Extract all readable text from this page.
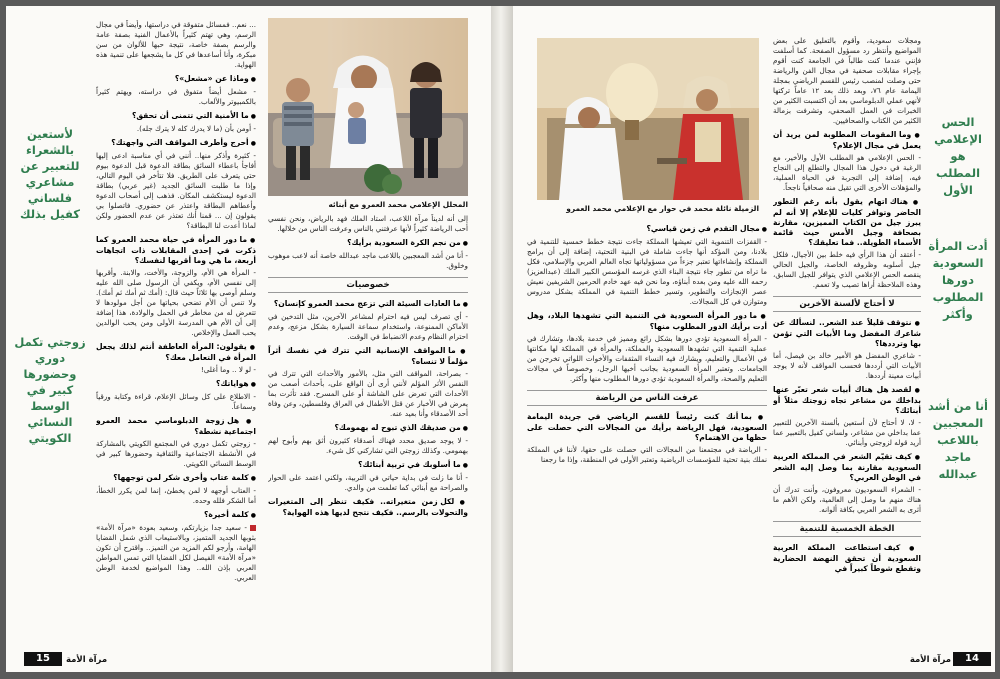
المحلل الإعلامي محمد العمرو مع أبنائه

... نعم.. فمسائل متفوقة في دراستها، وأيضاً في مجال الرسم، وهي تهتم كثيراً بالأعمال الفنية بصفة عامة والرسم بصفة خاصة، نتيجة حبها للألوان من سن مبكرة، وأنا أساعدها في كل ما يشجعها على تنمية هذه الهواية.

● وماذا عن «مشعل»؟

- مشعل أيضاً متفوق في دراسته، ويهتم كثيراً بالكمبيوتر والألعاب.

● ما الأمنية التي تتمنى أن تحقق؟

- أومن بأن (ما لا يدرك كله لا يترك جله).

● أحرج وأطرف المواقف التي واجهتك؟

- كثيرة وأذكر منها.. أنني في أي مناسبة ادعى إليها أفاجأ باعطاء السائق بطاقة الدعوة قبل الدعوة بيوم حتى يتعرف على الطريق. فلا تتأخر في اليوم التالي، وإذا ما طلبت السائق الجديد (غير عربي) بطاقة الدعوة ليستكشف المكان. فذهب إلى أصحاب الدعوة وأعطاهم البطاقة واعتذر عن حضوري. فاتصلوا بي يقولون إن ... قمنا أنك تعتذر عن عدم الحضور ولكن لماذا أعدت لنا البطاقة؟

● ما دور المرأة في حياة محمد العمرو كما ذكرت في إحدى المقابلات ذات اتجاهات أربعة، ما هي وما أقربها لنفسك؟

- المرأة هي الأم، والزوجة، والأخت، والابنة. وأقربها إلى نفسي الأم، ويكفي أن الرسول صلى الله عليه وسلم أوصى بها ثلاثاً حيث قال: (أمك ثم أمك ثم أمك). ولا تنس أن الأم تضحي بحياتها من أجل مولودها لا تتعرض له من مخاطر في الحمل والولادة، هذا إضافة إلى أن الأم هي المدرسة الأولى ومن يحب الوالدين يحب العمل والإخلاص.

● يقولون: المرأة العاطفة أنتم لذلك يجعل المرأة في التعامل معك؟

- لو لا .. وما أغلى!

● هواياتك؟

- الاطلاع على كل وسائل الإعلام، قراءة وكتابة ورقياً وسماعاً.

● هل زوجة الدبلوماسي محمد العمرو اجتماعية نشطة؟

- زوجتي تكمل دوري في المجتمع الكويتي بالمشاركة في الأنشطة الاجتماعية والثقافية وحضورها كبير في الوسط النسائي الكويتي.

● كلمة عتاب وأخرى شكر لمن توجهها؟

- العتاب أوجهه لا لمن يخطئ، إنما لمن يكرر الخطأ، أما الشكر فلله وحده.

● كلمة أخيرة؟

- سعيد جدا بزيارتكم، وسعيد بعودة «مرآة الأمة» بثوبها الجديد المتميز، وبالاستيعاب الذي شمل القضايا الهامة، وأرجو لكم المزيد من التميز.. واقترح أن تكون «مرآة الأمة» الفيصل لكل القضايا التي تمس المواطن العربي بإذن الله.. وهذا المواضيع لخدمة الوطن العربي.

إلى أنه لديناً مرآة اللاعب، استاد الملك فهد بالرياض، ونحن نفسي أحب الرياضة كثيراً لأنها عرفتني بالناس وعرفت الناس من خلالها.

● من نجم الكرة السعودية برأيك؟

- أنا من أشد المعجبين باللاعب ماجد عبدالله خاصة أنه لاعب موهوب وخلوق.

خصوصيات

● ما العادات السيئة التي تزعج محمد العمرو كإنسان؟

- أي تصرف ليس فيه احترام لمشاعر الآخرين، مثل التدخين في الأماكن الممنوعة، واستخدام سماعة السيارة بشكل مزعج، وعدم احترام النظام وعدم الانضباط في الوقت.

● ما المواقف الإنسانية التي تترك في نفسك أثراً مؤلماً لا تنساه؟

- بصراحة، المواقف التي مثل، بالأمور والأحداث التي تترك في النفس الأثر المؤلم لأنني أرى أن الواقع على، بأحداث أصعب من الأحداث التي تعرض على الشاشة أو على المسرح. فقد تأثرت بما يعرض في الأخبار عن قتل الأطفال في العراق وفلسطين، وعن وفاة أحد الأصدقاء وأنا بعيد عنه.

● من صديقك الذي تبوح له بهمومك؟

- لا يوجد صديق محدد فهناك أصدقاء كثيرون أثق بهم وأبوح لهم بهمومي. وكذلك زوجتي التي تشاركني كل شيء.

● ما أسلوبك في تربية أبنائك؟

- أنا ما زلت في بداية حياتي في التربية، ولكني اعتمد على الحوار والصراحة مع أبنائي كما تعلمت من والدي.

● لكل زمن متغيراته.. فكيف تنظر إلى المتغيرات والتحولات بالرسم.. فكيف نتجح لديها هذه الهواية؟

لأستعين بالشعراء للتعبير عن مشاعري فلساني كفيل بذلك

زوجتي تكمل دوري وحضورها كبير في الوسط النسائي الكويتي

15	مرآة الأمة
الزميلة نائلة محمد في حوار مع الإعلامي محمد العمرو

● مجال التقدم في زمن قياسي؟

- القفزات التنموية التي تعيشها المملكة جاءت نتيجة خطط خمسية للتنمية في بلادنا، ومن المؤكد أنها جاءت شاملة في البنية التحتية، إضافة إلى أن برامج المملكة وإنشاءاتها تعتبر جزءاً من مسؤولياتها تجاه العالم العربي والإسلامي، فكل ما تراه من تطور جاء نتيجة البناء الذي غرسه المؤسس الكبير الملك (عبدالعزيز) رحمه الله عليه ومن بعده أبناؤه، وما نحن فيه عهد خادم الحرمين الشريفين نعيش عصر الإنجازات والتطوير، وتسير خطط التنمية في المملكة بشكل مدروس ومتوازن في كل المجالات.

● ما دور المرأة السعودية في التنمية التي تشهدها البلاد، وهل أدت برأيك الدور المطلوب منها؟

- المرأة السعودية تؤدي دورها بشكل رائع ومميز في خدمة بلادها، وتشارك في عملية التنمية التي تشهدها السعودية والمملكة، والمرأة في المملكة لها مكانتها في الأعمال والتعليم، ويشارك فيه النساء المثقفات والأخوات اللواتي تخرجن من الجامعات. وتعتبر المرأة السعودية بجانب أخيها الرجل، وخصوصاً في مجالات التعليم والصحة، والمرأة السعودية تؤدي دورها المطلوب منها وأكثر.

عرفت الناس من الرياضة

● بما أنك كنت رئيساً للقسم الرياضي في جريدة اليمامة السعودية، فهل الرياضة برأيك من المجالات التي حصلت على حظها من الاهتمام؟

- الرياضة في مجتمعنا من المجالات التي حصلت على حقها، لأننا في المملكة نملك بنية تحتية للمؤسسات الرياضية وتعتبر الأولى في المنطقة، وإذا ما رجعنا

ومجلات سعودية، وأقوم بالتعليق على بعض المواضيع وأنتظر رد مسؤول الصفحة. كما أسلفت فإنني عندما كنت طالباً في الجامعة كنت أقوم بإجراء مقابلات صحفية في مجال الفن والرياضة حتى وصلت لمنصب رئيس للقسم الرياضي بمجلة اليمامة عام ٧٦، وبعد ذلك بعد ١٢ عاماً تركتها لأنهي عملي الدبلوماسي بعد أن اكتسبت الكثير من الخبرات في العمل الصحفي، وتشرفت بزمالة الكثير من الكتاب والصحافيين.

● وما المقومات المطلوبة لمن يريد أن يعمل في مجال الإعلام؟

- الحس الإعلامي هو المطلب الأول والأخير، مع الرغبة في دخول هذا المجال والتطلع إلى النجاح فيه، إضافة إلى التجربة في الحياة العملية، والمؤهلات الأخرى التي تقيل منه صحافياً ناجحاً.

● هناك اتهام يقول بأنه رغم التطور الحاضر وتوافر كليات للإعلام إلا أنه لم يبرز جيل من الكتاب المميزين، مقارنة بصحافة وجيل الأمس حيث قائمة الأسماء الطويلة.. فما تعليقك؟

- أعتقد أن هذا الرأي فيه خلط بين الأجيال، فلكل جيل أسلوبه وظروفه الخاصة، والجيل الحالي ينقصه الحس الإعلامي الذي يتوافر للجيل السابق، وهذه الملاحظة أراها تصيب ولا تعمم.

لا أحتاج لألسنة الآخرين

● نتوقف قليلاً عند الشعر.. لنسألك عن شاعرك المفضل وما الأبيات التي تؤمن بها وترددها؟

- شاعري المفضل هو الأمير خالد بن فيصل، أما الأبيات التي أرددها فحسب المواقف لأنه لا يوجد أبيات معينة أرددها.

● لقصد هل هناك أبيات شعر تعبّر عنها بداخلك من مشاعر تجاه زوجتك مثلاً أو أبنائك؟

- لا، لا أحتاج لأن أستعين بألسنة الآخرين للتعبير عما بداخلي من مشاعر، ولساني كفيل بالتعبير عما أريد قوله لزوجتي وأبنائي.

● كيف تقيّم الشعر في المملكة العربية السعودية مقارنة بما وصل إليه الشعر في الوطن العربي؟

- الشعراء السعوديون معروفون، وأنت تدرك أن هناك منهم ما وصل إلى العالمية، ولكن الأهم ما أثرى به الشعر العربي بكافة ألوانه.

الخطة الخمسية للتنمية

● كيف استطاعت المملكة العربية السعودية أن تحقق النهضة الحضارية وتقطع شوطاً كبيراً في

الحس الإعلامي هو المطلب الأول

أدت المرأة السعودية دورها المطلوب وأكثر

أنا من أشد المعجبين باللاعب ماجد عبدالله

مرآة الأمة	14
